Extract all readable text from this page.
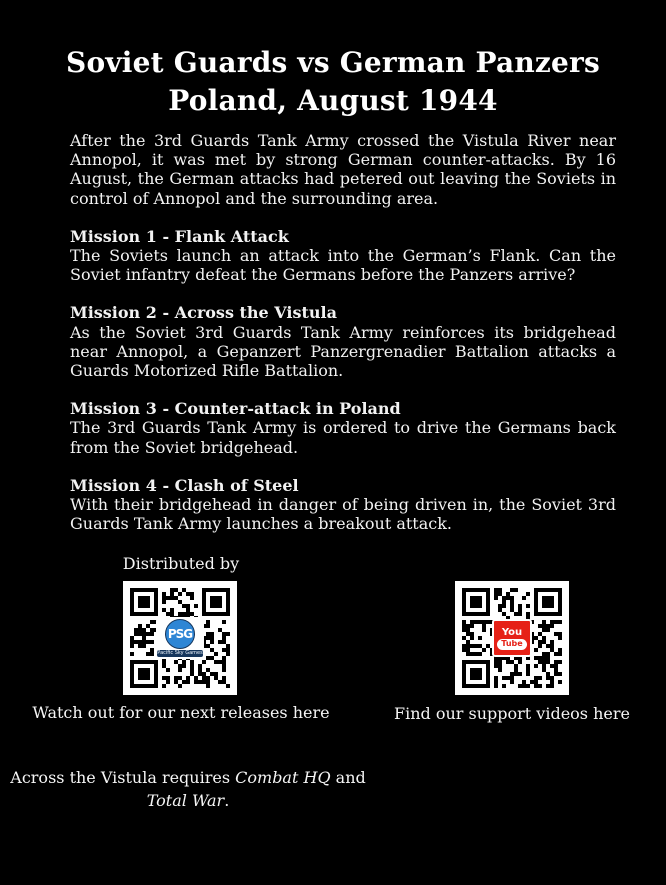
Soviet Guards vs German Panzers
Poland, August 1944

After the 3rd Guards Tank Army crossed the Vistula River near Annopol, it was met by strong German counter-attacks. By 16 August, the German attacks had petered out leaving the Soviets in control of Annopol and the surrounding area.

Mission 1 - Flank Attack
The Soviets launch an attack into the German’s Flank. Can the Soviet infantry defeat the Germans before the Panzers arrive?
Mission 2 - Across the Vistula
As the Soviet 3rd Guards Tank Army reinforces its bridgehead near Annopol, a Gepanzert Panzergrenadier Battalion attacks a Guards Motorized Rifle Battalion.
Mission 3 - Counter-attack in Poland
The 3rd Guards Tank Army is ordered to drive the Germans back from the Soviet bridgehead.
Mission 4 - Clash of Steel
With their bridgehead in danger of being driven in, the Soviet 3rd Guards Tank Army launches a breakout attack.
Distributed by
PSG
Pacific Sky Games
You
Tube
Watch out for our next releases here	Find our support videos here
Across the Vistula requires Combat HQ and Total War.
